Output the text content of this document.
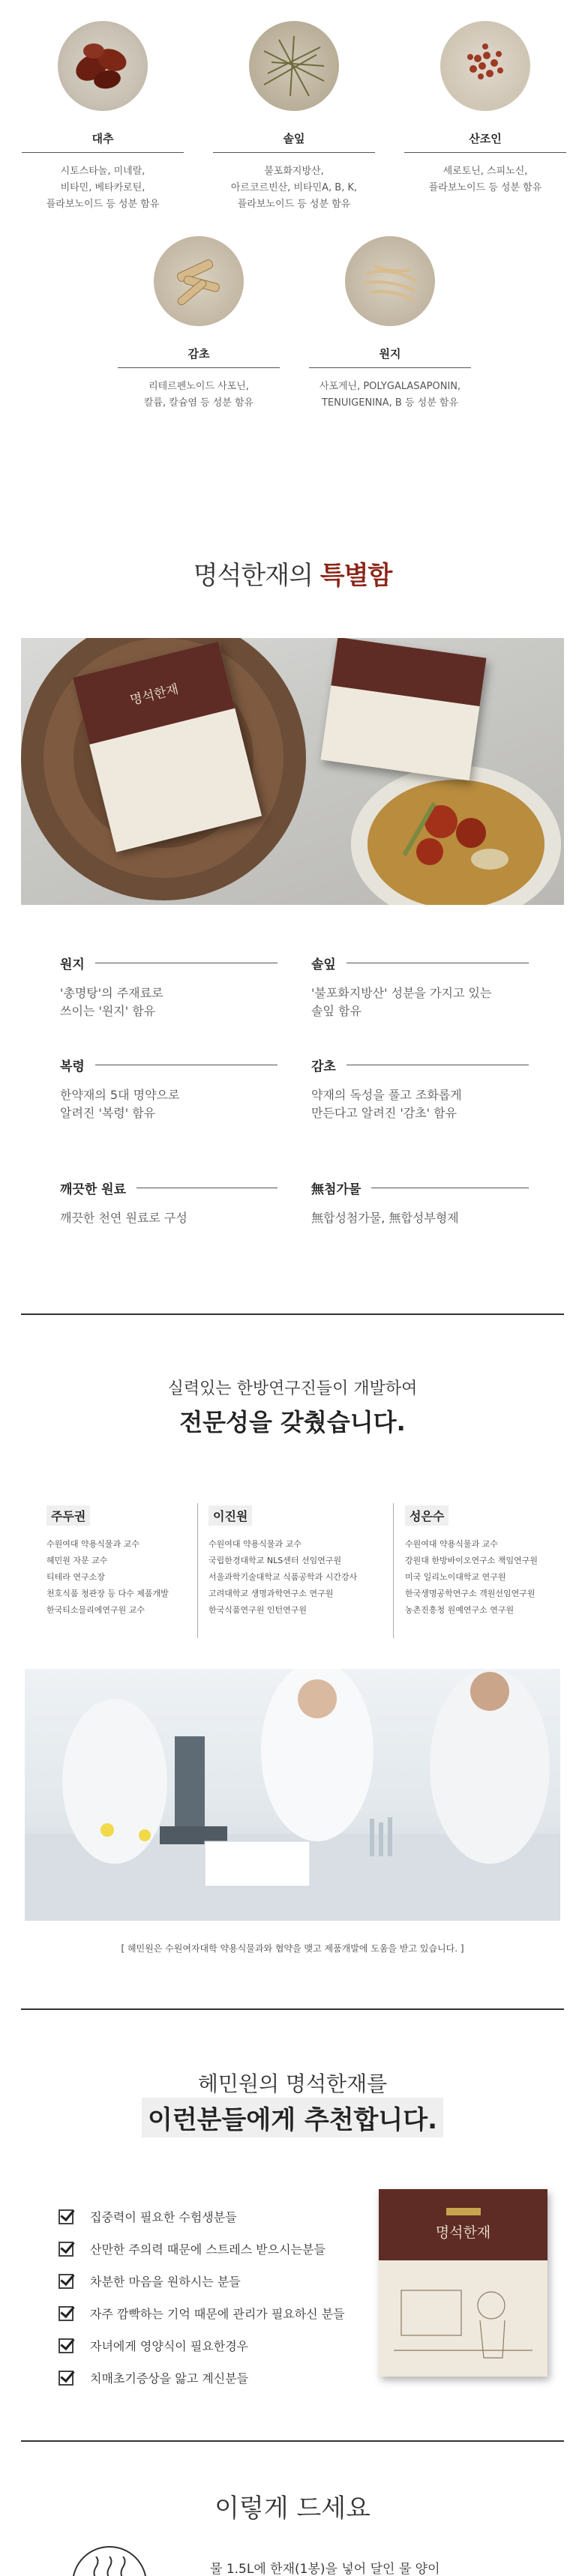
대추
시토스타놀, 미네랄,
비타민, 베타카로틴,
플라보노이드 등 성분 함유
솔잎
불포화지방산,
아르코르빈산, 비타민A, B, K,
플라보노이드 등 성분 함유
산조인
세로토닌, 스피노신,
플라보노이드 등 성분 함유
감초
리테르펜노이드 사포닌,
칼륨, 칼슘염 등 성분 함유
원지
사포게닌, POLYGALASAPONIN,
TENUIGENINA, B 등 성분 함유
명석한재의 특별함
명석한재
원지
'총명탕'의 주재료로
쓰이는 '원지' 함유
솔잎
'불포화지방산' 성분을 가지고 있는
솔잎 함유
복령
한약재의 5대 명약으로
알려진 '복령' 함유
감초
약재의 독성을 풀고 조화롭게
만든다고 알려진 '감초' 함유
깨끗한 원료
깨끗한 천연 원료로 구성
無첨가물
無합성첨가물, 無합성부형제
실력있는 한방연구진들이 개발하여
전문성을 갖췄습니다.
주두권
수원여대 약용식물과 교수
헤민원 자문 교수
티테라 연구소장
천호식품 청관장 등 다수 제품개발
한국티소믈리에연구원 교수
이진원
수원여대 약용식물과 교수
국립한경대학교 NLS센터 선임연구원
서울과학기술대학교 식품공학과 시간강사
고려대학교 생명과학연구소 연구원
한국식품연구원 인턴연구원
성은수
수원여대 약용식물과 교수
강원대 한방바이오연구소 책임연구원
미국 일리노이대학교 연구원
한국생명공학연구소 객원선임연구원
농촌진흥청 원예연구소 연구원
[ 헤민원은 수원여자대학 약용식물과와 협약을 맺고 제품개발에 도움을 받고 있습니다. ]
헤민원의 명석한재를
이런분들에게 추천합니다.
집중력이 필요한 수험생분들
산만한 주의력 때문에 스트레스 받으시는분들
차분한 마음을 원하시는 분들
자주 깜빡하는 기억 때문에 관리가 필요하신 분들
자녀에게 영양식이 필요한경우
치매초기증상을 앓고 계신분들
명석한재
이렇게 드세요
물 1.5L에 한재(1봉)을 넣어 달인 물 양이
